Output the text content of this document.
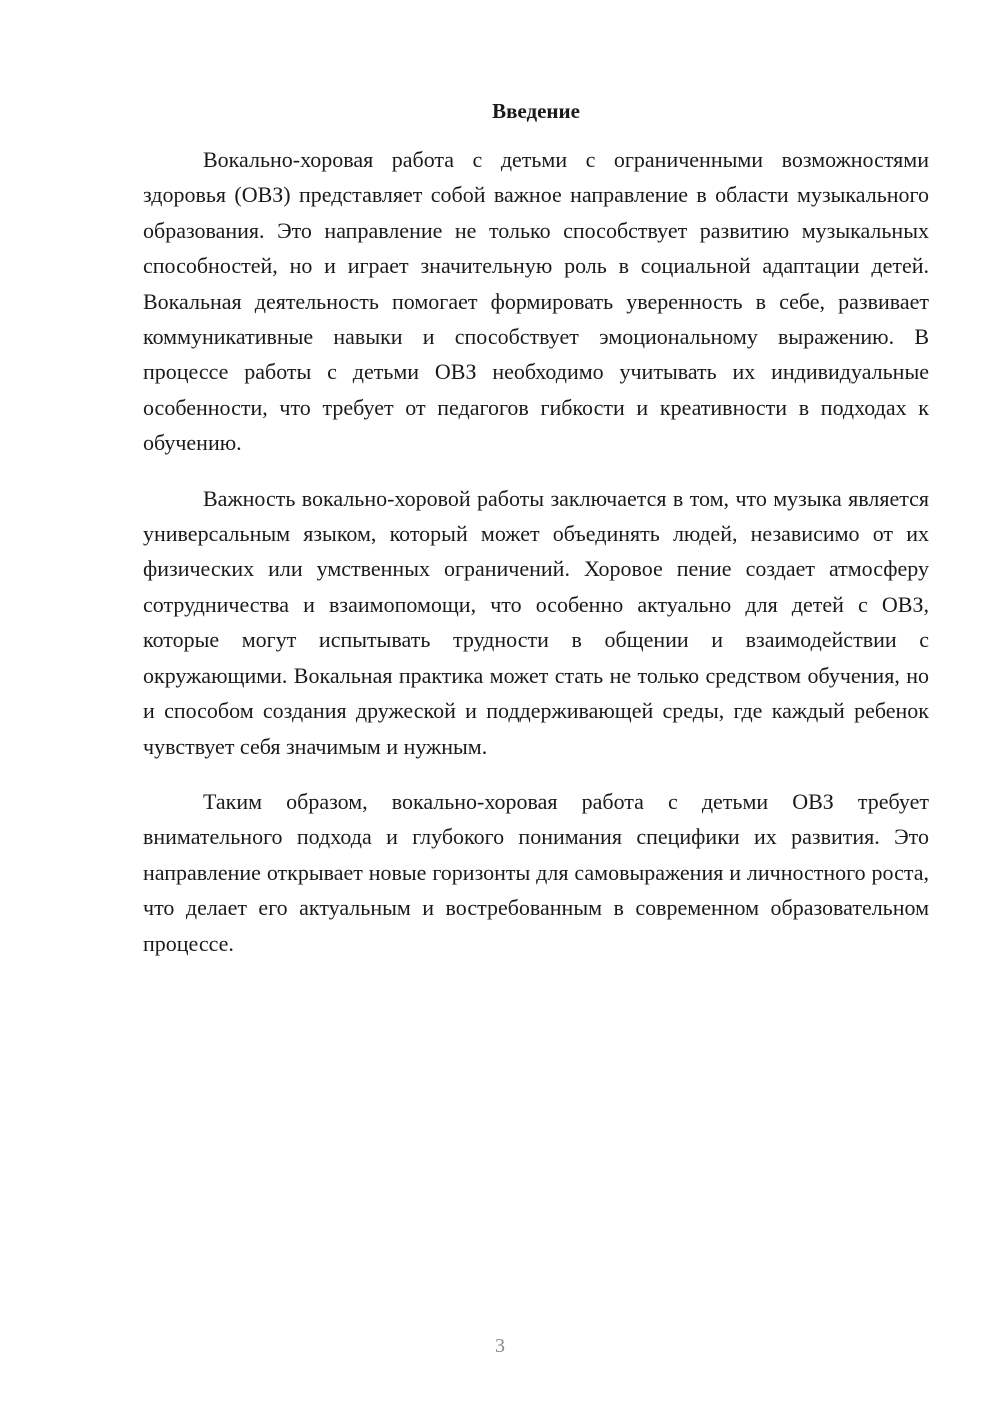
Введение

Вокально-хоровая работа с детьми с ограниченными возможностями здоровья (ОВЗ) представляет собой важное направление в области музыкального образования. Это направление не только способствует развитию музыкальных способностей, но и играет значительную роль в социальной адаптации детей. Вокальная деятельность помогает формировать уверенность в себе, развивает коммуникативные навыки и способствует эмоциональному выражению. В процессе работы с детьми ОВЗ необходимо учитывать их индивидуальные особенности, что требует от педагогов гибкости и креативности в подходах к обучению.

Важность вокально-хоровой работы заключается в том, что музыка является универсальным языком, который может объединять людей, независимо от их физических или умственных ограничений. Хоровое пение создает атмосферу сотрудничества и взаимопомощи, что особенно актуально для детей с ОВЗ, которые могут испытывать трудности в общении и взаимодействии с окружающими. Вокальная практика может стать не только средством обучения, но и способом создания дружеской и поддерживающей среды, где каждый ребенок чувствует себя значимым и нужным.

Таким образом, вокально-хоровая работа с детьми ОВЗ требует внимательного подхода и глубокого понимания специфики их развития. Это направление открывает новые горизонты для самовыражения и личностного роста, что делает его актуальным и востребованным в современном образовательном процессе.

3
